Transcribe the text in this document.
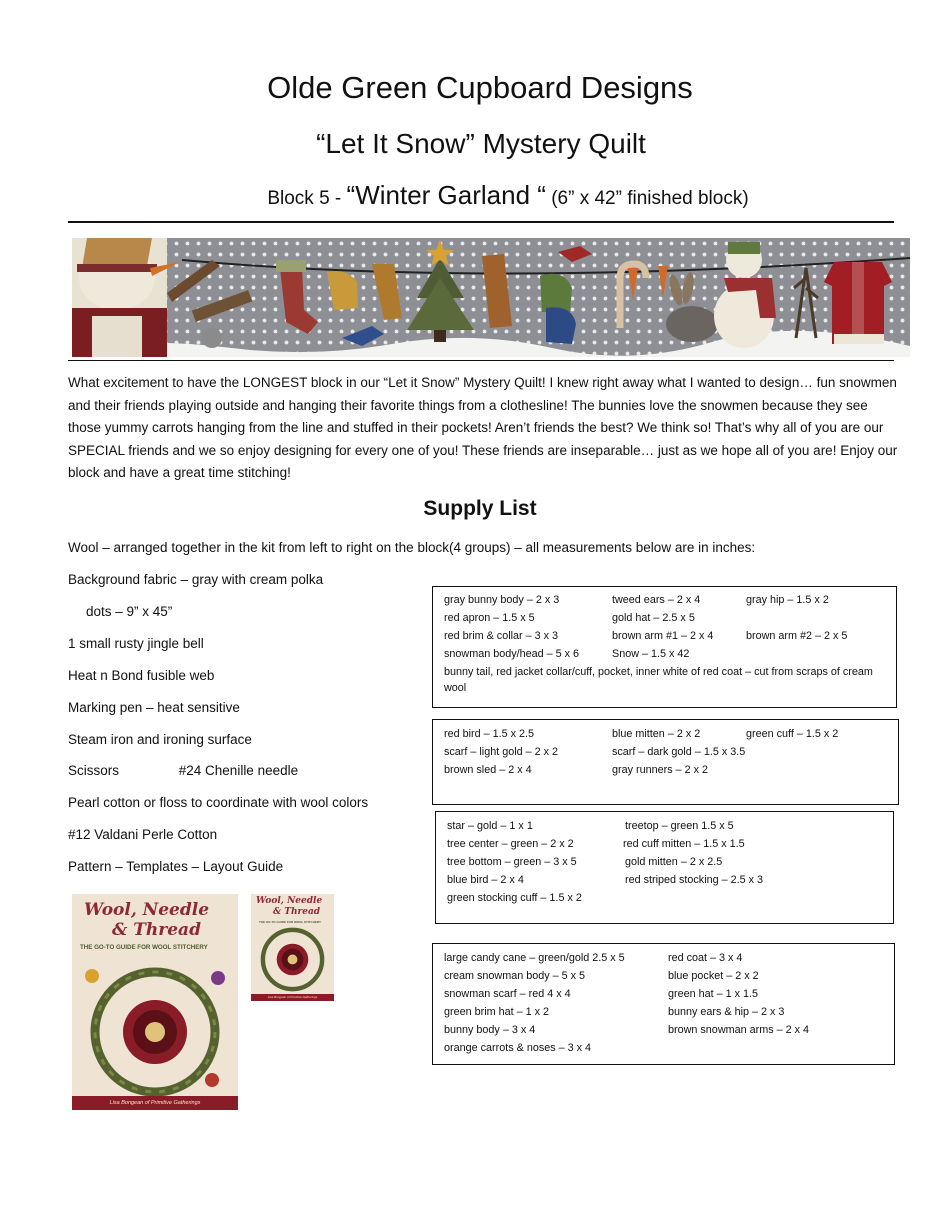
Olde Green Cupboard Designs
“Let It Snow” Mystery Quilt
Block 5 - “Winter Garland “ (6” x 42” finished block)

What excitement to have the LONGEST block in our “Let it Snow” Mystery Quilt! I knew right away what I wanted to design… fun snowmen and their friends playing outside and hanging their favorite things from a clothesline! The bunnies love the snowmen because they see those yummy carrots hanging from the line and stuffed in their pockets! Aren’t friends the best? We think so! That’s why all of you are our SPECIAL friends and we so enjoy designing for every one of you! These friends are inseparable… just as we hope all of you are! Enjoy our block and have a great time stitching!

Supply List
Wool – arranged together in the kit from left to right on the block(4 groups) – all measurements below are in inches:
Background fabric – gray with cream polka
dots – 9” x 45”
1 small rusty jingle bell
Heat n Bond fusible web
Marking pen – heat sensitive
Steam iron and ironing surface
Scissors	#24 Chenille needle
Pearl cotton or floss to coordinate with wool colors
#12 Valdani Perle Cotton
Pattern – Templates – Layout Guide
gray bunny body – 2 x 3	tweed ears – 2 x 4	gray hip – 1.5 x 2
red apron – 1.5 x 5	gold hat – 2.5 x 5
red brim & collar – 3 x 3	brown arm #1 – 2 x 4	brown arm #2 – 2 x 5
snowman body/head – 5 x 6	Snow – 1.5 x 42
bunny tail, red jacket collar/cuff, pocket, inner white of red coat – cut from scraps of cream wool
red bird – 1.5 x 2.5	blue mitten – 2 x 2	green cuff – 1.5 x 2
scarf – light gold – 2 x 2	scarf – dark gold – 1.5 x 3.5
brown sled – 2 x 4	gray runners – 2 x 2
star – gold – 1 x 1	treetop – green 1.5 x 5
tree center – green – 2 x 2	red cuff mitten – 1.5 x 1.5
tree bottom – green – 3 x 5	gold mitten – 2 x 2.5
blue bird – 2 x 4	red striped stocking – 2.5 x 3
green stocking cuff – 1.5 x 2
large candy cane – green/gold 2.5 x 5	red coat – 3 x 4
cream snowman body – 5 x 5	blue pocket – 2 x 2
snowman scarf – red 4 x 4	green hat – 1 x 1.5
green brim hat – 1 x 2	bunny ears & hip – 2 x 3
bunny body – 3 x 4	brown snowman arms – 2 x 4
orange carrots & noses – 3 x 4
Wool, Needle
& Thread
THE GO-TO GUIDE FOR WOOL STITCHERY
Lisa Bongean of Primitive Gatherings
Wool, Needle
& Thread
THE GO-TO GUIDE FOR WOOL STITCHERY
Lisa Bongean of Primitive Gatherings
